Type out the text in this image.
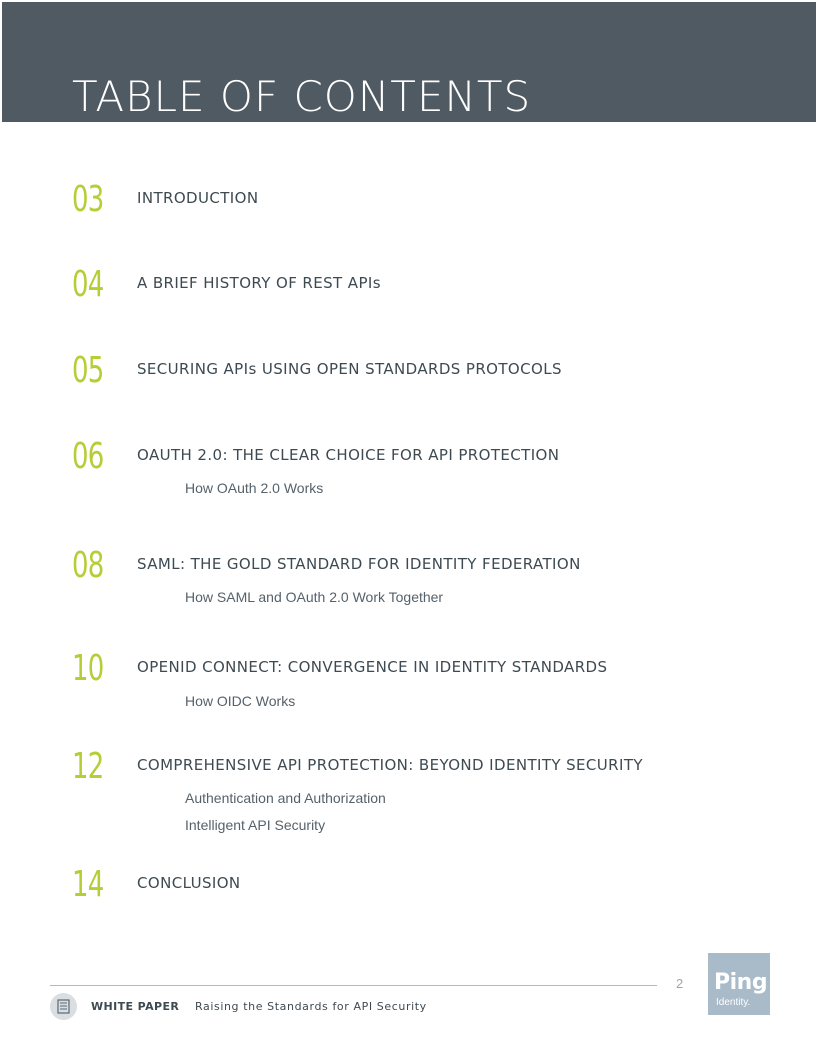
TABLE OF CONTENTS
03 INTRODUCTION
04 A BRIEF HISTORY OF REST APIs
05 SECURING APIs USING OPEN STANDARDS PROTOCOLS
06 OAUTH 2.0: THE CLEAR CHOICE FOR API PROTECTION
How OAuth 2.0 Works
08 SAML: THE GOLD STANDARD FOR IDENTITY FEDERATION
How SAML and OAuth 2.0 Work Together
10 OPENID CONNECT: CONVERGENCE IN IDENTITY STANDARDS
How OIDC Works
12 COMPREHENSIVE API PROTECTION: BEYOND IDENTITY SECURITY
Authentication and Authorization
Intelligent API Security
14 CONCLUSION
2
WHITE PAPER Raising the Standards for API Security
Ping
Identity.
